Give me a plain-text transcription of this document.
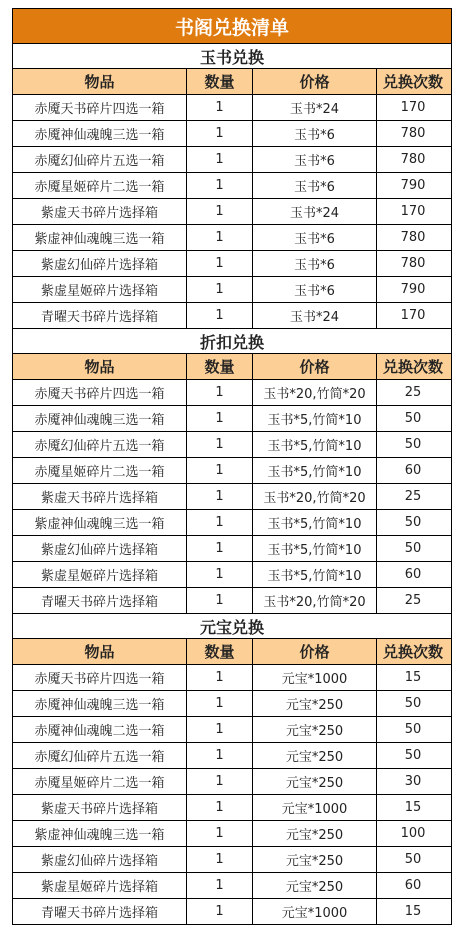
书阁兑换清单
玉书兑换
物品	数量	价格	兑换次数
赤魇天书碎片四选一箱	1	玉书*24	170
赤魇神仙魂魄三选一箱	1	玉书*6	780
赤魇幻仙碎片五选一箱	1	玉书*6	780
赤魇星姬碎片二选一箱	1	玉书*6	790
紫虚天书碎片选择箱	1	玉书*24	170
紫虚神仙魂魄三选一箱	1	玉书*6	780
紫虚幻仙碎片选择箱	1	玉书*6	780
紫虚星姬碎片选择箱	1	玉书*6	790
青曜天书碎片选择箱	1	玉书*24	170
折扣兑换
物品	数量	价格	兑换次数
赤魇天书碎片四选一箱	1	玉书*20,竹简*20	25
赤魇神仙魂魄三选一箱	1	玉书*5,竹简*10	50
赤魇幻仙碎片五选一箱	1	玉书*5,竹简*10	50
赤魇星姬碎片二选一箱	1	玉书*5,竹简*10	60
紫虚天书碎片选择箱	1	玉书*20,竹简*20	25
紫虚神仙魂魄三选一箱	1	玉书*5,竹简*10	50
紫虚幻仙碎片选择箱	1	玉书*5,竹简*10	50
紫虚星姬碎片选择箱	1	玉书*5,竹简*10	60
青曜天书碎片选择箱	1	玉书*20,竹简*20	25
元宝兑换
物品	数量	价格	兑换次数
赤魇天书碎片四选一箱	1	元宝*1000	15
赤魇神仙魂魄三选一箱	1	元宝*250	50
赤魇神仙魂魄二选一箱	1	元宝*250	50
赤魇幻仙碎片五选一箱	1	元宝*250	50
赤魇星姬碎片二选一箱	1	元宝*250	30
紫虚天书碎片选择箱	1	元宝*1000	15
紫虚神仙魂魄三选一箱	1	元宝*250	100
紫虚幻仙碎片选择箱	1	元宝*250	50
紫虚星姬碎片选择箱	1	元宝*250	60
青曜天书碎片选择箱	1	元宝*1000	15
